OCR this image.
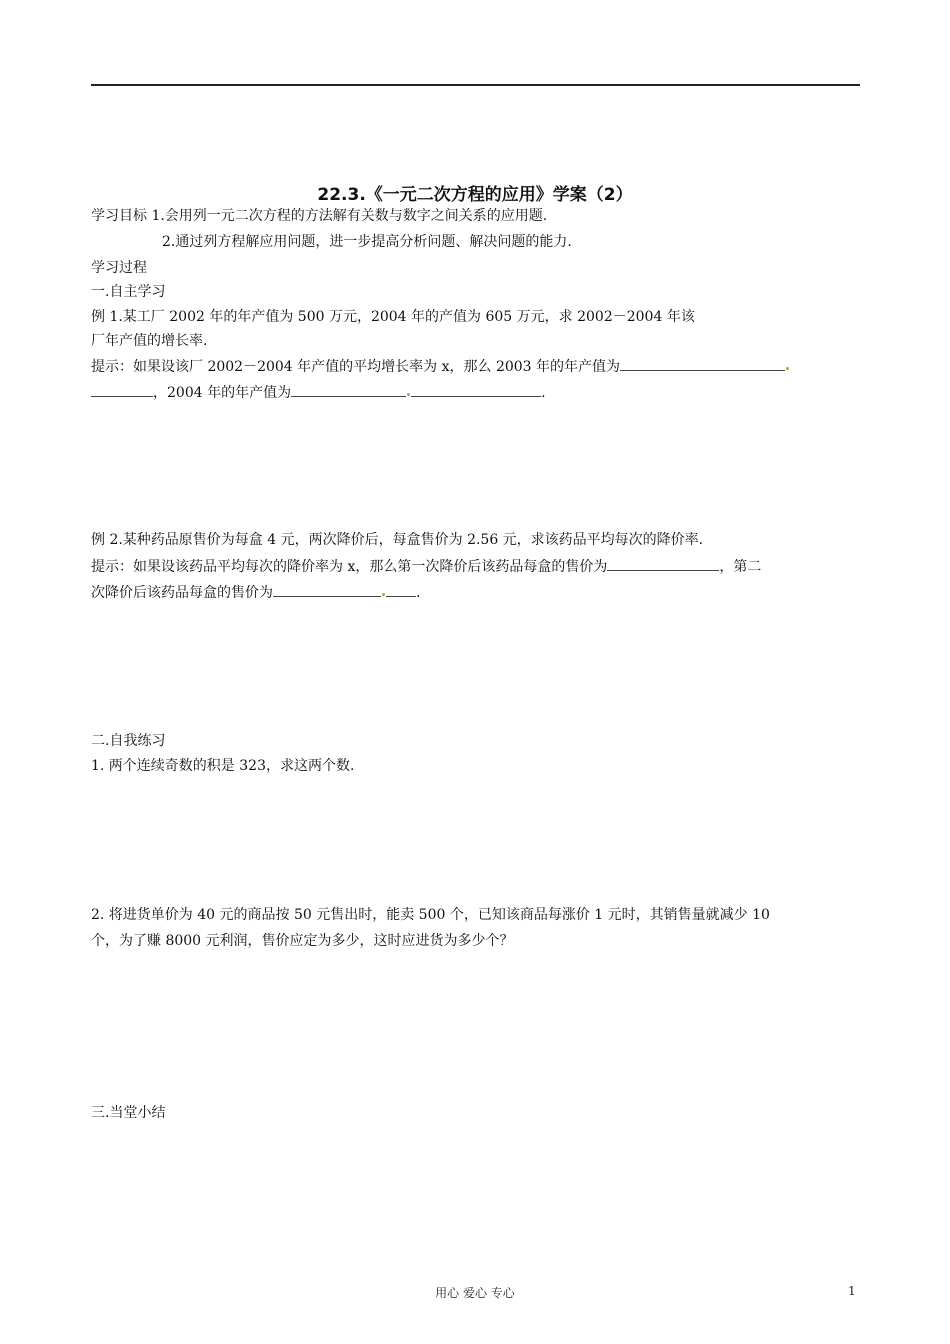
22.3.《一元二次方程的应用》学案（2）
学习目标 1.会用列一元二次方程的方法解有关数与数字之间关系的应用题.
2.通过列方程解应用问题，进一步提高分析问题、解决问题的能力.
学习过程
一.自主学习
例 1.某工厂 2002 年的年产值为 500 万元，2004 年的产值为 605 万元，求 2002－2004 年该
厂年产值的增长率.
提示：如果设该厂 2002－2004 年产值的平均增长率为 x，那么 2003 年的年产值为
，2004 年的年产值为	.
例 2.某种药品原售价为每盒 4 元，两次降价后，每盒售价为 2.56 元，求该药品平均每次的降价率.
提示：如果设该药品平均每次的降价率为 x，那么第一次降价后该药品每盒的售价为	，第二
次降价后该药品每盒的售价为	.
二.自我练习
1. 两个连续奇数的积是 323，求这两个数.
2. 将进货单价为 40 元的商品按 50 元售出时，能卖 500 个，已知该商品每涨价 1 元时，其销售量就减少 10
个，为了赚 8000 元利润，售价应定为多少，这时应进货为多少个？
三.当堂小结
用心 爱心 专心	1
